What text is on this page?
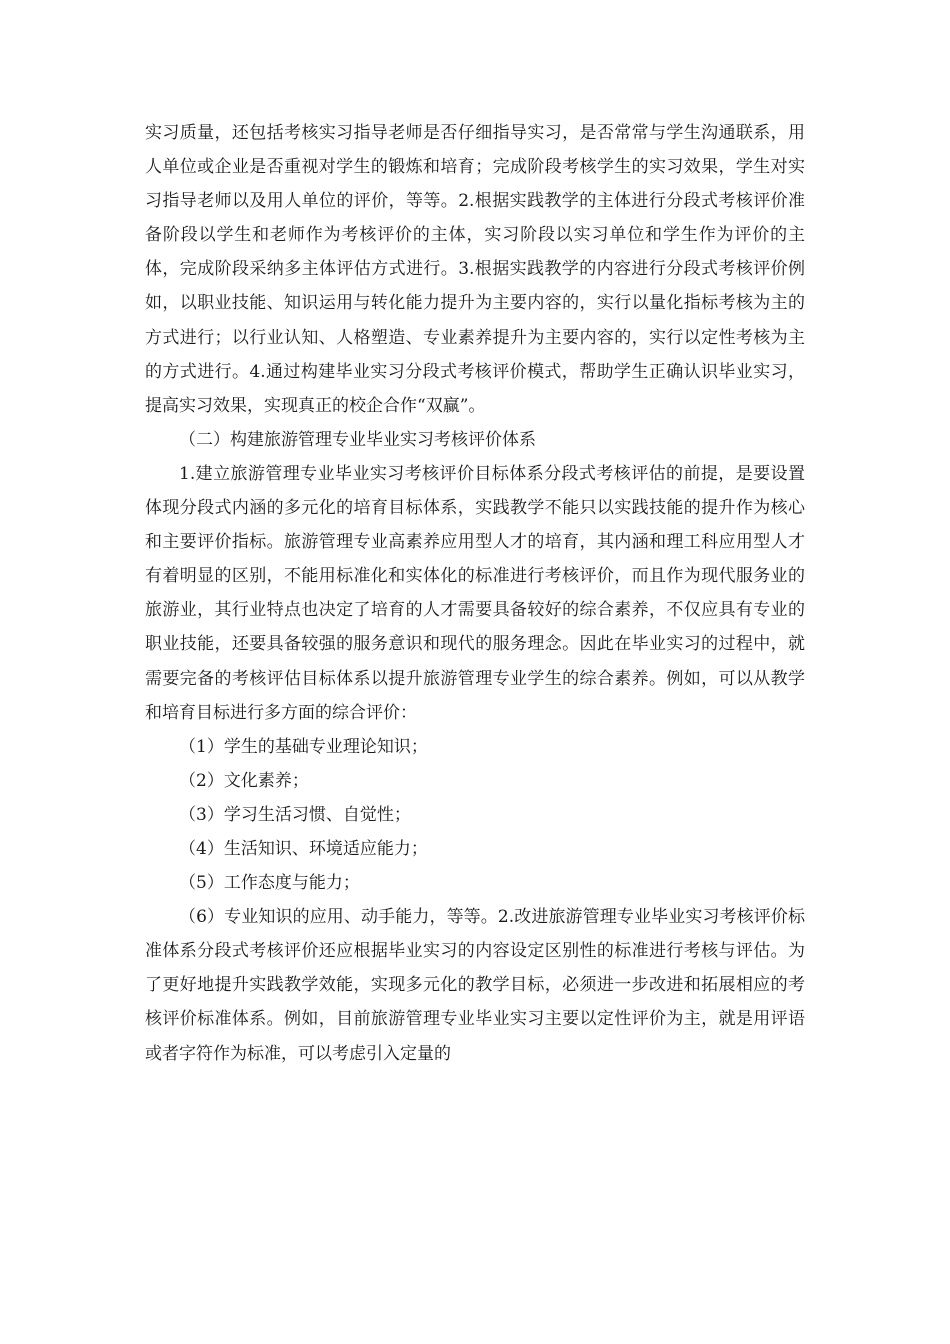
实习质量，还包括考核实习指导老师是否仔细指导实习，是否常常与学生沟通联系，用人单位或企业是否重视对学生的锻炼和培育；完成阶段考核学生的实习效果，学生对实习指导老师以及用人单位的评价，等等。2.根据实践教学的主体进行分段式考核评价准备阶段以学生和老师作为考核评价的主体，实习阶段以实习单位和学生作为评价的主体，完成阶段采纳多主体评估方式进行。3.根据实践教学的内容进行分段式考核评价例如，以职业技能、知识运用与转化能力提升为主要内容的，实行以量化指标考核为主的方式进行；以行业认知、人格塑造、专业素养提升为主要内容的，实行以定性考核为主的方式进行。4.通过构建毕业实习分段式考核评价模式，帮助学生正确认识毕业实习，提高实习效果，实现真正的校企合作“双赢”。

（二）构建旅游管理专业毕业实习考核评价体系

1.建立旅游管理专业毕业实习考核评价目标体系分段式考核评估的前提，是要设置体现分段式内涵的多元化的培育目标体系，实践教学不能只以实践技能的提升作为核心和主要评价指标。旅游管理专业高素养应用型人才的培育，其内涵和理工科应用型人才有着明显的区别，不能用标准化和实体化的标准进行考核评价，而且作为现代服务业的旅游业，其行业特点也决定了培育的人才需要具备较好的综合素养，不仅应具有专业的职业技能，还要具备较强的服务意识和现代的服务理念。因此在毕业实习的过程中，就需要完备的考核评估目标体系以提升旅游管理专业学生的综合素养。例如，可以从教学和培育目标进行多方面的综合评价：

（1）学生的基础专业理论知识；

（2）文化素养；

（3）学习生活习惯、自觉性；

（4）生活知识、环境适应能力；

（5）工作态度与能力；

（6）专业知识的应用、动手能力，等等。2.改进旅游管理专业毕业实习考核评价标准体系分段式考核评价还应根据毕业实习的内容设定区别性的标准进行考核与评估。为了更好地提升实践教学效能，实现多元化的教学目标，必须进一步改进和拓展相应的考核评价标准体系。例如，目前旅游管理专业毕业实习主要以定性评价为主，就是用评语或者字符作为标准，可以考虑引入定量的
